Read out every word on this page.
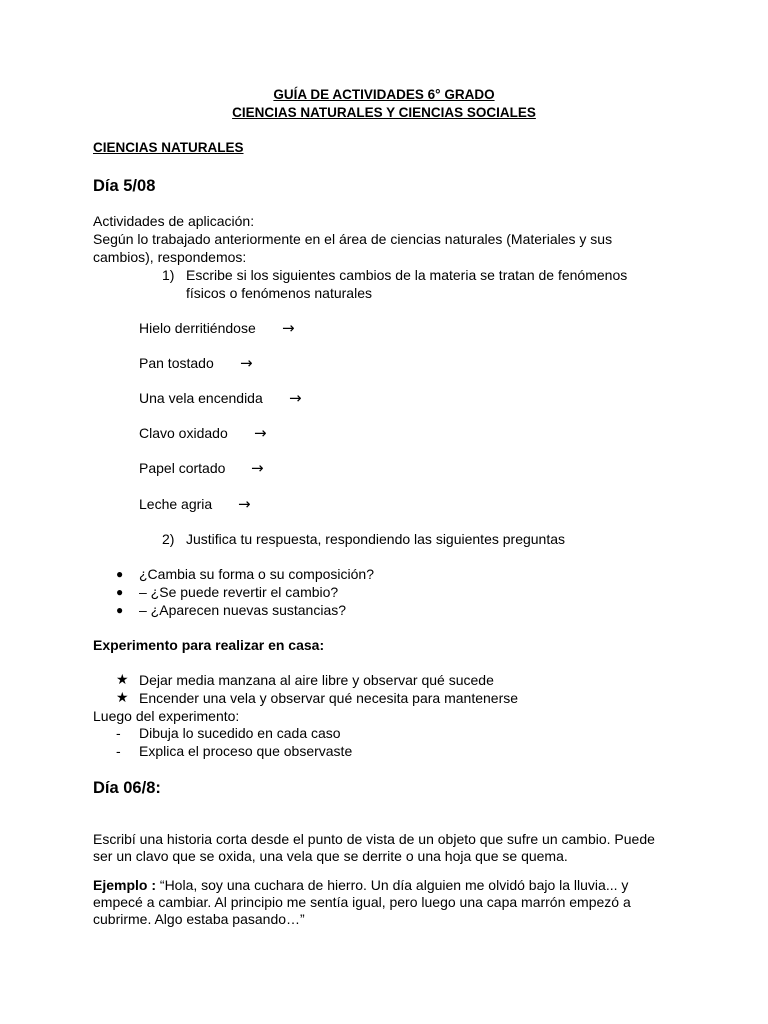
GUÍA DE ACTIVIDADES 6° GRADO
CIENCIAS NATURALES Y CIENCIAS SOCIALES
CIENCIAS NATURALES
Día 5/08
Actividades de aplicación:
Según lo trabajado anteriormente en el área de ciencias naturales (Materiales y sus
cambios), respondemos:
1) Escribe si los siguientes cambios de la materia se tratan de fenómenos
físicos o fenómenos naturales
Hielo derritiéndose →
Pan tostado →
Una vela encendida →
Clavo oxidado →
Papel cortado →
Leche agria →
2) Justifica tu respuesta, respondiendo las siguientes preguntas
● ¿Cambia su forma o su composición?
● – ¿Se puede revertir el cambio?
● – ¿Aparecen nuevas sustancias?
Experimento para realizar en casa:
★ Dejar media manzana al aire libre y observar qué sucede
★ Encender una vela y observar qué necesita para mantenerse
Luego del experimento:
- Dibuja lo sucedido en cada caso
- Explica el proceso que observaste
Día 06/8:
Escribí una historia corta desde el punto de vista de un objeto que sufre un cambio. Puede
ser un clavo que se oxida, una vela que se derrite o una hoja que se quema.
Ejemplo : “Hola, soy una cuchara de hierro. Un día alguien me olvidó bajo la lluvia... y
empecé a cambiar. Al principio me sentía igual, pero luego una capa marrón empezó a
cubrirme. Algo estaba pasando…”
